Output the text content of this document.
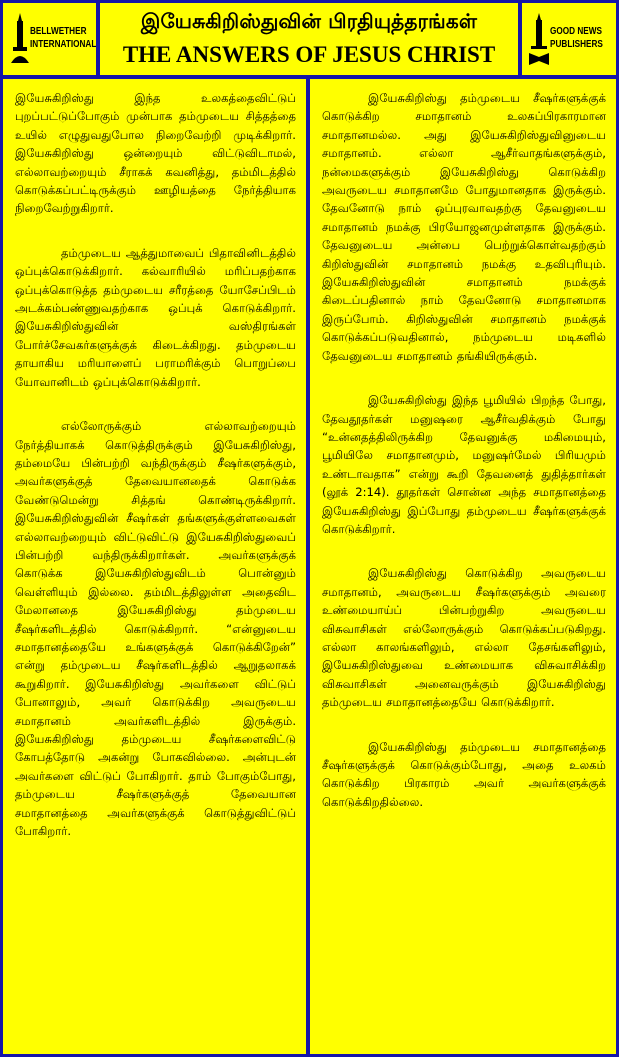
BELLWETHER
INTERNATIONAL
இயேசுகிறிஸ்துவின் பிரதியுத்தரங்கள்
THE ANSWERS OF JESUS CHRIST
GOOD NEWS
PUBLISHERS

இயேசுகிறிஸ்து இந்த உலகத்தைவிட்டுப் புறப்பட்டுப்போகும் முன்பாக தம்முடைய சித்தத்தை உயில் எழுதுவதுபோல நிறைவேற்றி முடிக்கிறார். இயேசுகிறிஸ்து ஒன்றையும் விட்டுவிடாமல், எல்லாவற்றையும் சீராகக் கவனித்து, தம்மிடத்தில் கொடுக்கப்பட்டிருக்கும் ஊழியத்தை நேர்த்தியாக நிறைவேற்றுகிறார்.

தம்முடைய ஆத்துமாவைப் பிதாவினிடத்தில் ஒப்புக்கொடுக்கிறார். கல்வாரியில் மரிப்பதற்காக ஒப்புக்கொடுத்த தம்முடைய சரீரத்தை யோசேப்பிடம் அடக்கம்பண்ணுவதற்காக ஒப்புக் கொடுக்கிறார். இயேசுகிறிஸ்துவின் வஸ்திரங்கள் போர்ச்சேவகர்களுக்குக் கிடைக்கிறது. தம்முடைய தாயாகிய மரியாளைப் பராமரிக்கும் பொறுப்பை யோவானிடம் ஒப்புக்கொடுக்கிறார்.

எல்லோருக்கும் எல்லாவற்றையும் நேர்த்தியாகக் கொடுத்திருக்கும் இயேசுகிறிஸ்து, தம்மையே பின்பற்றி வந்திருக்கும் சீஷர்களுக்கும், அவர்களுக்குத் தேவையானதைக் கொடுக்க வேண்டுமென்று சித்தங் கொண்டிருக்கிறார். இயேசுகிறிஸ்துவின் சீஷர்கள் தங்களுக்குள்ளவைகள் எல்லாவற்றையும் விட்டுவிட்டு இயேசுகிறிஸ்துவைப் பின்பற்றி வந்திருக்கிறார்கள். அவர்களுக்குக் கொடுக்க இயேசுகிறிஸ்துவிடம் பொன்னும் வெள்ளியும் இல்லை. தம்மிடத்திலுள்ள அதைவிட மேலானதை இயேசுகிறிஸ்து தம்முடைய சீஷர்களிடத்தில் கொடுக்கிறார். “என்னுடைய சமாதானத்தையே உங்களுக்குக் கொடுக்கிறேன்” என்று தம்முடைய சீஷர்களிடத்தில் ஆறுதலாகக் கூறுகிறார். இயேசுகிறிஸ்து அவர்களை விட்டுப் போனாலும், அவர் கொடுக்கிற அவருடைய சமாதானம் அவர்களிடத்தில் இருக்கும். இயேசுகிறிஸ்து தம்முடைய சீஷர்களைவிட்டு கோபத்தோடு அகன்று போகவில்லை. அன்புடன் அவர்களை விட்டுப் போகிறார். தாம் போகும்போது, தம்முடைய சீஷர்களுக்குத் தேவையான சமாதானத்தை அவர்களுக்குக் கொடுத்துவிட்டுப் போகிறார்.

இயேசுகிறிஸ்து தம்முடைய சீஷர்களுக்குக் கொடுக்கிற சமாதானம் உலகப்பிரகாரமான சமாதானமல்ல. அது இயேசுகிறிஸ்துவினுடைய சமாதானம். எல்லா ஆசீர்வாதங்களுக்கும், நன்மைகளுக்கும் இயேசுகிறிஸ்து கொடுக்கிற அவருடைய சமாதானமே போதுமானதாக இருக்கும். தேவனோடு நாம் ஒப்புரவாவதற்கு தேவனுடைய சமாதானம் நமக்கு பிரயோஜனமுள்ளதாக இருக்கும். தேவனுடைய அன்பை பெற்றுக்கொள்வதற்கும் கிறிஸ்துவின் சமாதானம் நமக்கு உதவிபுரியும். இயேசுகிறிஸ்துவின் சமாதானம் நமக்குக் கிடைப்பதினால் நாம் தேவனோடு சமாதானமாக இருப்போம். கிறிஸ்துவின் சமாதானம் நமக்குக் கொடுக்கப்படுவதினால், நம்முடைய மடிகளில் தேவனுடைய சமாதானம் தங்கியிருக்கும்.

இயேசுகிறிஸ்து இந்த பூமியில் பிறந்த போது, தேவதூதர்கள் மனுஷரை ஆசீர்வதிக்கும் போது “உன்னதத்திலிருக்கிற தேவனுக்கு மகிமையும், பூமியிலே சமாதானமும், மனுஷர்மேல் பிரியமும் உண்டாவதாக” என்று கூறி தேவனைத் துதித்தார்கள் (லூக் 2:14). தூதர்கள் சொன்ன அந்த சமாதானத்தை இயேசுகிறிஸ்து இப்போது தம்முடைய சீஷர்களுக்குக் கொடுக்கிறார்.

இயேசுகிறிஸ்து கொடுக்கிற அவருடைய சமாதானம், அவருடைய சீஷர்களுக்கும் அவரை உண்மையாய்ப் பின்பற்றுகிற அவருடைய விசுவாசிகள் எல்லோருக்கும் கொடுக்கப்படுகிறது. எல்லா காலங்களிலும், எல்லா தேசங்களிலும், இயேசுகிறிஸ்துவை உண்மையாக விசுவாசிக்கிற விசுவாசிகள் அனைவருக்கும் இயேசுகிறிஸ்து தம்முடைய சமாதானத்தையே கொடுக்கிறார்.

இயேசுகிறிஸ்து தம்முடைய சமாதானத்தை சீஷர்களுக்குக் கொடுக்கும்போது, அதை உலகம் கொடுக்கிற பிரகாரம் அவர் அவர்களுக்குக் கொடுக்கிறதில்லை.
